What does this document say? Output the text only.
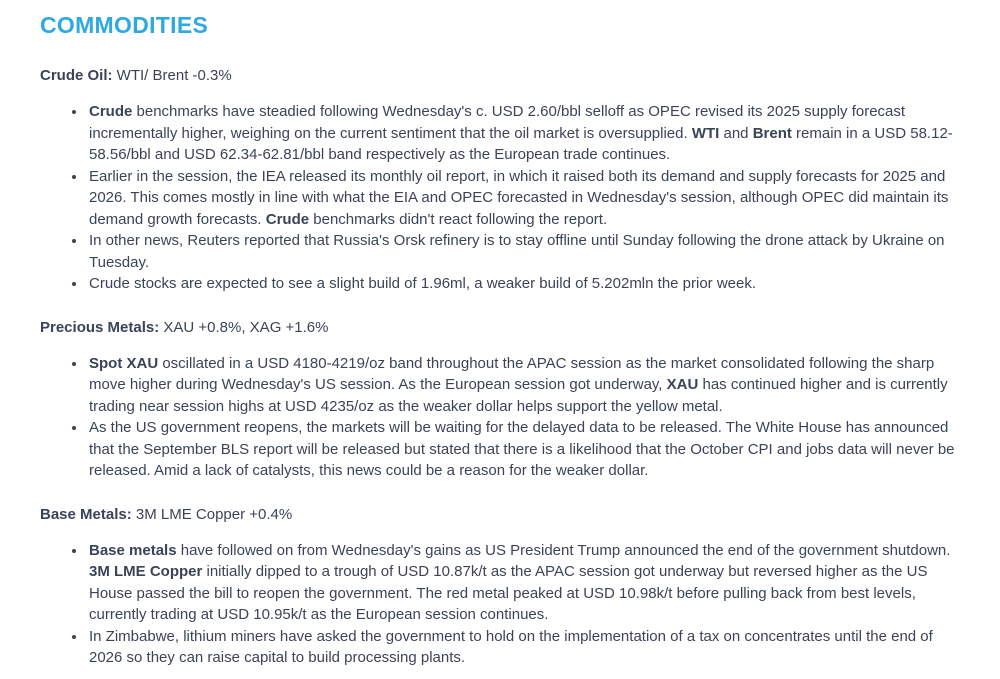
COMMODITIES

Crude Oil: WTI/ Brent -0.3%

• Crude benchmarks have steadied following Wednesday's c. USD 2.60/bbl selloff as OPEC revised its 2025 supply forecast incrementally higher, weighing on the current sentiment that the oil market is oversupplied. WTI and Brent remain in a USD 58.12-58.56/bbl and USD 62.34-62.81/bbl band respectively as the European trade continues.
• Earlier in the session, the IEA released its monthly oil report, in which it raised both its demand and supply forecasts for 2025 and 2026. This comes mostly in line with what the EIA and OPEC forecasted in Wednesday's session, although OPEC did maintain its demand growth forecasts. Crude benchmarks didn't react following the report.
• In other news, Reuters reported that Russia's Orsk refinery is to stay offline until Sunday following the drone attack by Ukraine on Tuesday.
• Crude stocks are expected to see a slight build of 1.96ml, a weaker build of 5.202mln the prior week.

Precious Metals: XAU +0.8%, XAG +1.6%

• Spot XAU oscillated in a USD 4180-4219/oz band throughout the APAC session as the market consolidated following the sharp move higher during Wednesday's US session. As the European session got underway, XAU has continued higher and is currently trading near session highs at USD 4235/oz as the weaker dollar helps support the yellow metal.
• As the US government reopens, the markets will be waiting for the delayed data to be released. The White House has announced that the September BLS report will be released but stated that there is a likelihood that the October CPI and jobs data will never be released. Amid a lack of catalysts, this news could be a reason for the weaker dollar.

Base Metals: 3M LME Copper +0.4%

• Base metals have followed on from Wednesday's gains as US President Trump announced the end of the government shutdown. 3M LME Copper initially dipped to a trough of USD 10.87k/t as the APAC session got underway but reversed higher as the US House passed the bill to reopen the government. The red metal peaked at USD 10.98k/t before pulling back from best levels, currently trading at USD 10.95k/t as the European session continues.
• In Zimbabwe, lithium miners have asked the government to hold on the implementation of a tax on concentrates until the end of 2026 so they can raise capital to build processing plants.
